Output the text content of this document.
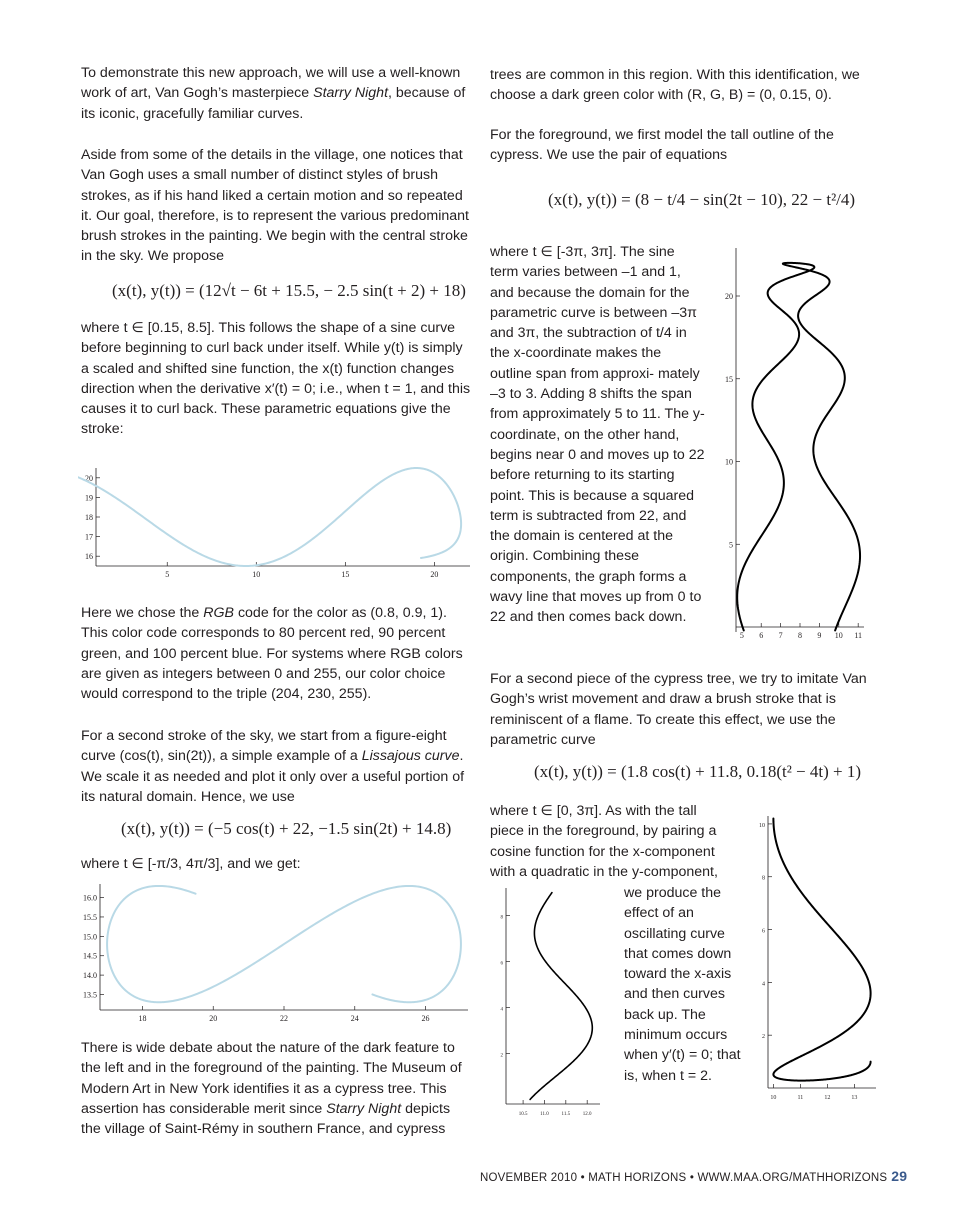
To demonstrate this new approach, we will use a well-known work of art, Van Gogh’s masterpiece Starry Night, because of its iconic, gracefully familiar curves.

Aside from some of the details in the village, one notices that Van Gogh uses a small number of distinct styles of brush strokes, as if his hand liked a certain motion and so repeated it. Our goal, therefore, is to represent the various predominant brush strokes in the painting. We begin with the central stroke in the sky. We propose

(x(t), y(t)) = (12√t − 6t + 15.5, − 2.5 sin(t + 2) + 18)

where t ∈ [0.15, 8.5]. This follows the shape of a sine curve before beginning to curl back under itself. While y(t) is simply a scaled and shifted sine function, the x(t) function changes direction when the derivative x′(t) = 0; i.e., when t = 1, and this causes it to curl back. These parametric equations give the stroke:

5	10	15	20
16
17
18
19
20

Here we chose the RGB code for the color as (0.8, 0.9, 1). This color code corresponds to 80 percent red, 90 percent green, and 100 percent blue. For systems where RGB colors are given as integers between 0 and 255, our color choice would correspond to the triple (204, 230, 255).

For a second stroke of the sky, we start from a figure-eight curve (cos(t), sin(2t)), a simple example of a Lissajous curve. We scale it as needed and plot it only over a useful portion of its natural domain. Hence, we use

(x(t), y(t)) = (−5 cos(t) + 22, −1.5 sin(2t) + 14.8)

where t ∈ [-π/3, 4π/3], and we get:

18	20	22	24	26
13.5
14.0
14.5
15.0
15.5
16.0

There is wide debate about the nature of the dark feature to the left and in the foreground of the painting. The Museum of Modern Art in New York identifies it as a cypress tree. This assertion has considerable merit since Starry Night depicts the village of Saint-Rémy in southern France, and cypress

trees are common in this region. With this identification, we choose a dark green color with (R, G, B) = (0, 0.15, 0).

For the foreground, we first model the tall outline of the cypress. We use the pair of equations

(x(t), y(t)) = (8 − t/4 − sin(2t − 10), 22 − t²/4)

where t ∈ [-3π, 3π]. The sine term varies between –1 and 1, and because the domain for the parametric curve is between –3π and 3π, the subtraction of t/4 in the x-coordinate makes the outline span from approxi- mately –3 to 3. Adding 8 shifts the span from approximately 5 to 11. The y-coordinate, on the other hand, begins near 0 and moves up to 22 before returning to its starting point. This is because a squared term is subtracted from 22, and the domain is centered at the origin. Combining these components, the graph forms a wavy line that moves up from 0 to 22 and then comes back down.

5 6 7 8 9 10 11
5
10
15
20

For a second piece of the cypress tree, we try to imitate Van Gogh’s wrist movement and draw a brush stroke that is reminiscent of a flame. To create this effect, we use the parametric curve

(x(t), y(t)) = (1.8 cos(t) + 11.8, 0.18(t² − 4t) + 1)

where t ∈ [0, 3π]. As with the tall piece in the foreground, by pairing a cosine function for the x-component with a quadratic in the y-component,

10.5	11.0	11.5	12.0
2
4
6
8

we produce the effect of an oscillating curve that comes down toward the x-axis and then curves back up. The minimum occurs when y′(t) = 0; that is, when t = 2.

10	11	12	13
2
4
6
8
10
NOVEMBER 2010 • MATH HORIZONS • WWW.MAA.ORG/MATHHORIZONS 29
